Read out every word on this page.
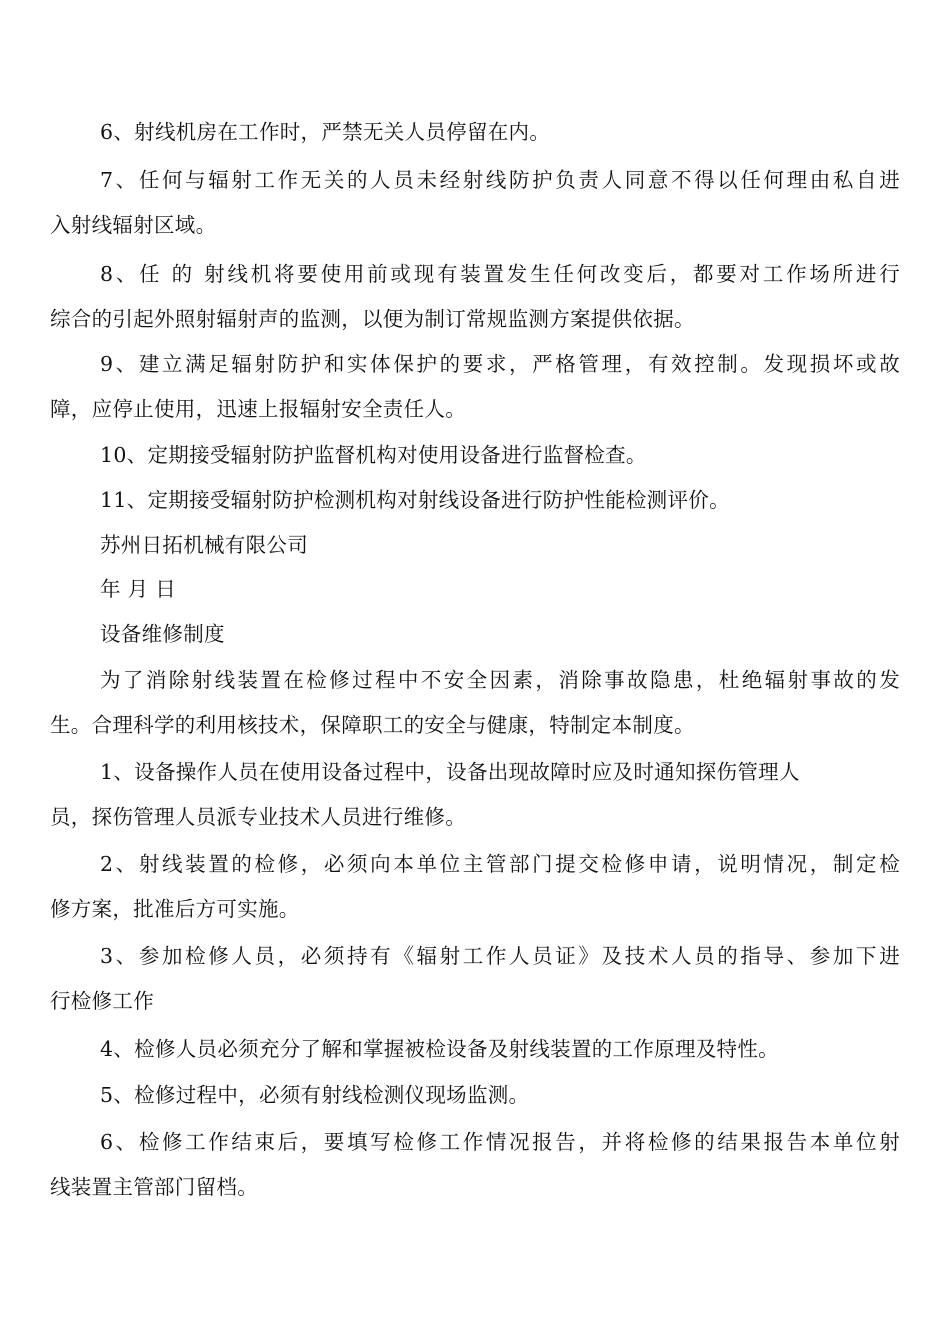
6、射线机房在工作时，严禁无关人员停留在内。

7、任何与辐射工作无关的人员未经射线防护负责人同意不得以任何理由私自进
入射线辐射区域。

8、任 的 射线机将要使用前或现有装置发生任何改变后，都要对工作场所进行
综合的引起外照射辐射声的监测，以便为制订常规监测方案提供依据。

9、建立满足辐射防护和实体保护的要求，严格管理，有效控制。发现损坏或故
障，应停止使用，迅速上报辐射安全责任人。

10、定期接受辐射防护监督机构对使用设备进行监督检查。

11、定期接受辐射防护检测机构对射线设备进行防护性能检测评价。

苏州日拓机械有限公司

年 月 日

设备维修制度

为了消除射线装置在检修过程中不安全因素，消除事故隐患，杜绝辐射事故的发
生。合理科学的利用核技术，保障职工的安全与健康，特制定本制度。

1、设备操作人员在使用设备过程中，设备出现故障时应及时通知探伤管理人
员，探伤管理人员派专业技术人员进行维修。

2、射线装置的检修，必须向本单位主管部门提交检修申请，说明情况，制定检
修方案，批准后方可实施。

3、参加检修人员，必须持有《辐射工作人员证》及技术人员的指导、参加下进
行检修工作

4、检修人员必须充分了解和掌握被检设备及射线装置的工作原理及特性。

5、检修过程中，必须有射线检测仪现场监测。

6、检修工作结束后，要填写检修工作情况报告，并将检修的结果报告本单位射
线装置主管部门留档。
